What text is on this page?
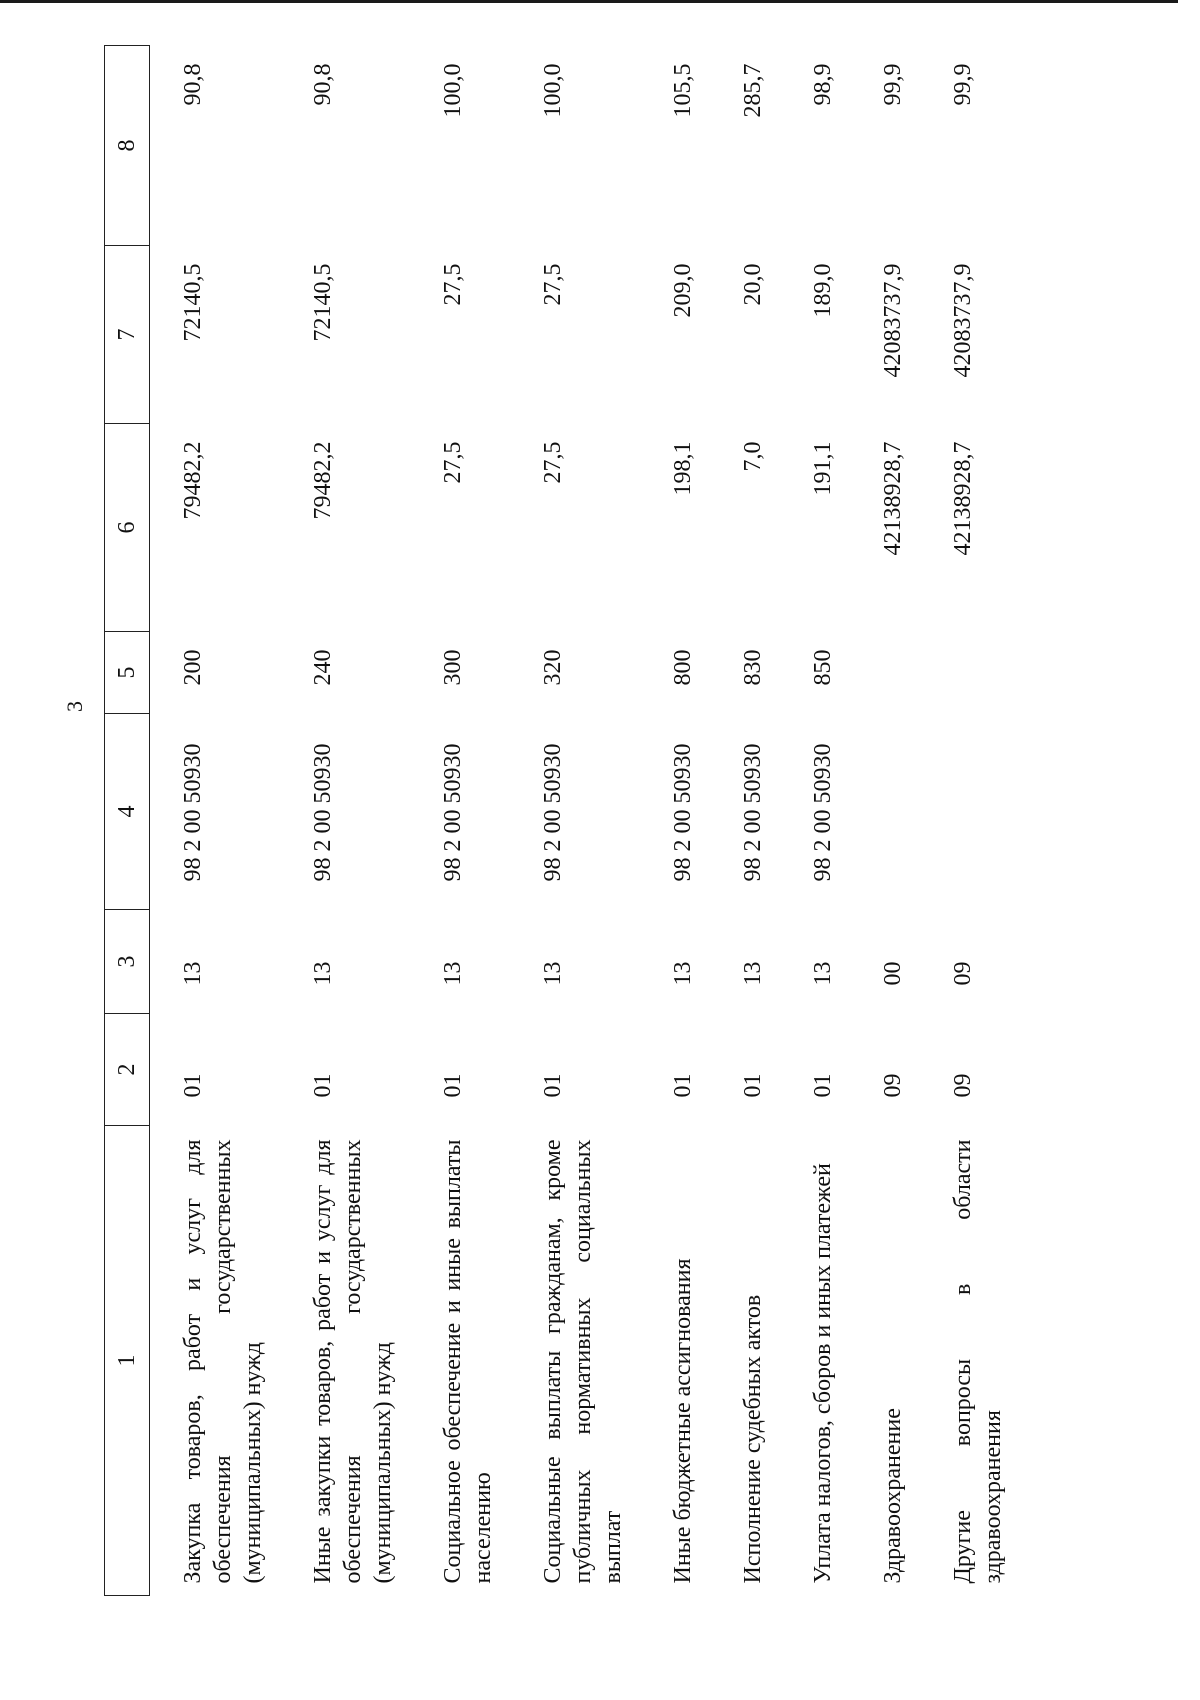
3
1	2	3	4	5	6	7	8
Закупка товаров, работ и услуг для обеспечения государственных (муниципальных) нужд	01	13	98 2 00 50930	200	79482,2	72140,5	90,8
Иные закупки товаров, работ и услуг для обеспечения государственных (муниципальных) нужд	01	13	98 2 00 50930	240	79482,2	72140,5	90,8
Социальное обеспечение и иные выплаты населению	01	13	98 2 00 50930	300	27,5	27,5	100,0
Социальные выплаты гражданам, кроме публичных нормативных социальных выплат	01	13	98 2 00 50930	320	27,5	27,5	100,0
Иные бюджетные ассигнования	01	13	98 2 00 50930	800	198,1	209,0	105,5
Исполнение судебных актов	01	13	98 2 00 50930	830	7,0	20,0	285,7
Уплата налогов, сборов и иных платежей	01	13	98 2 00 50930	850	191,1	189,0	98,9
Здравоохранение	09	00			42138928,7	42083737,9	99,9
Другие вопросы в области здравоохранения	09	09			42138928,7	42083737,9	99,9
